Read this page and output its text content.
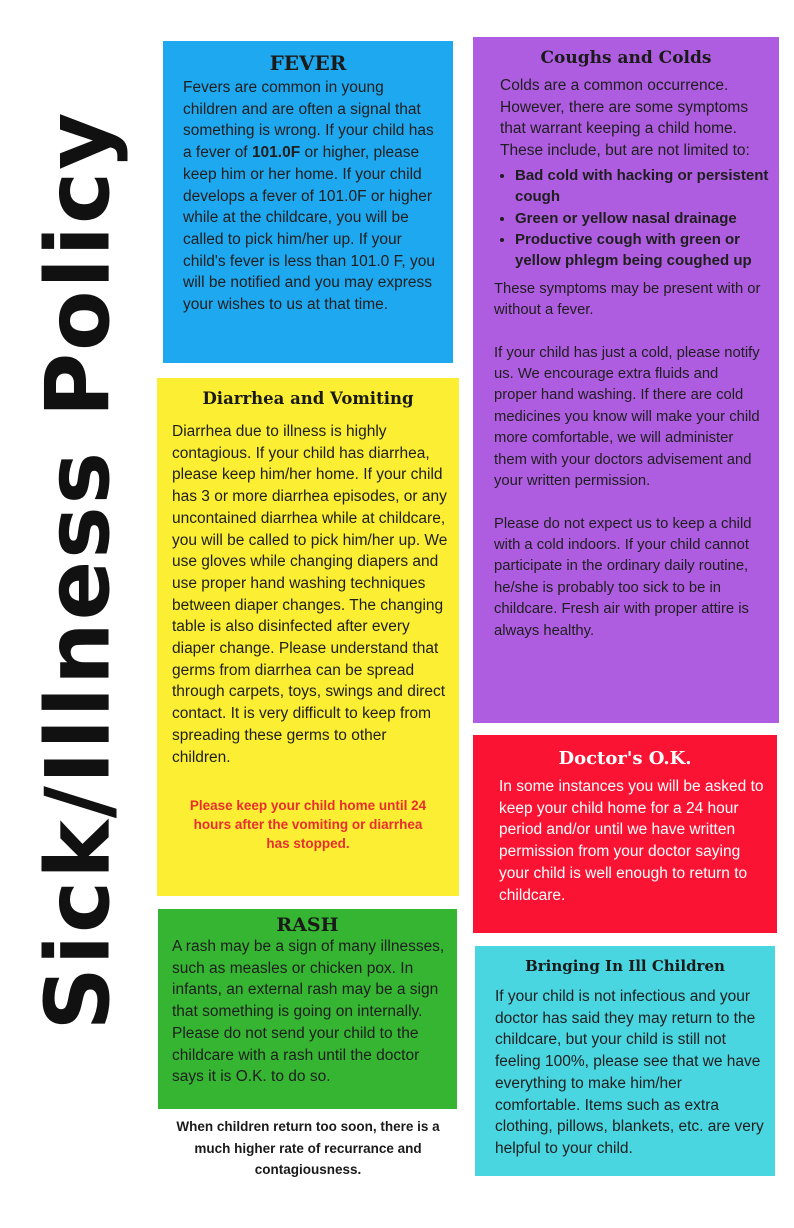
Sick/Illness Policy
FEVER

Fevers are common in young children and are often a signal that something is wrong. If your child has a fever of 101.0F or higher, please keep him or her home. If your child develops a fever of 101.0F or higher while at the childcare, you will be called to pick him/her up. If your child's fever is less than 101.0 F, you will be notified and you may express your wishes to us at that time.

Coughs and Colds

Colds are a common occurrence. However, there are some symptoms that warrant keeping a child home. These include, but are not limited to:

• Bad cold with hacking or persistent cough
• Green or yellow nasal drainage
• Productive cough with green or yellow phlegm being coughed up

These symptoms may be present with or without a fever.

If your child has just a cold, please notify us. We encourage extra fluids and proper hand washing. If there are cold medicines you know will make your child more comfortable, we will administer them with your doctors advisement and your written permission.

Please do not expect us to keep a child with a cold indoors. If your child cannot participate in the ordinary daily routine, he/she is probably too sick to be in childcare. Fresh air with proper attire is always healthy.

Diarrhea and Vomiting

Diarrhea due to illness is highly contagious. If your child has diarrhea, please keep him/her home. If your child has 3 or more diarrhea episodes, or any uncontained diarrhea while at childcare, you will be called to pick him/her up. We use gloves while changing diapers and use proper hand washing techniques between diaper changes. The changing table is also disinfected after every diaper change. Please understand that germs from diarrhea can be spread through carpets, toys, swings and direct contact. It is very difficult to keep from spreading these germs to other children.

Please keep your child home until 24 hours after the vomiting or diarrhea has stopped.

Doctor's O.K.

In some instances you will be asked to keep your child home for a 24 hour period and/or until we have written permission from your doctor saying your child is well enough to return to childcare.

RASH

A rash may be a sign of many illnesses, such as measles or chicken pox. In infants, an external rash may be a sign that something is going on internally. Please do not send your child to the childcare with a rash until the doctor says it is O.K. to do so.

Bringing In Ill Children

If your child is not infectious and your doctor has said they may return to the childcare, but your child is still not feeling 100%, please see that we have everything to make him/her comfortable. Items such as extra clothing, pillows, blankets, etc. are very helpful to your child.

When children return too soon, there is a much higher rate of recurrance and contagiousness.
